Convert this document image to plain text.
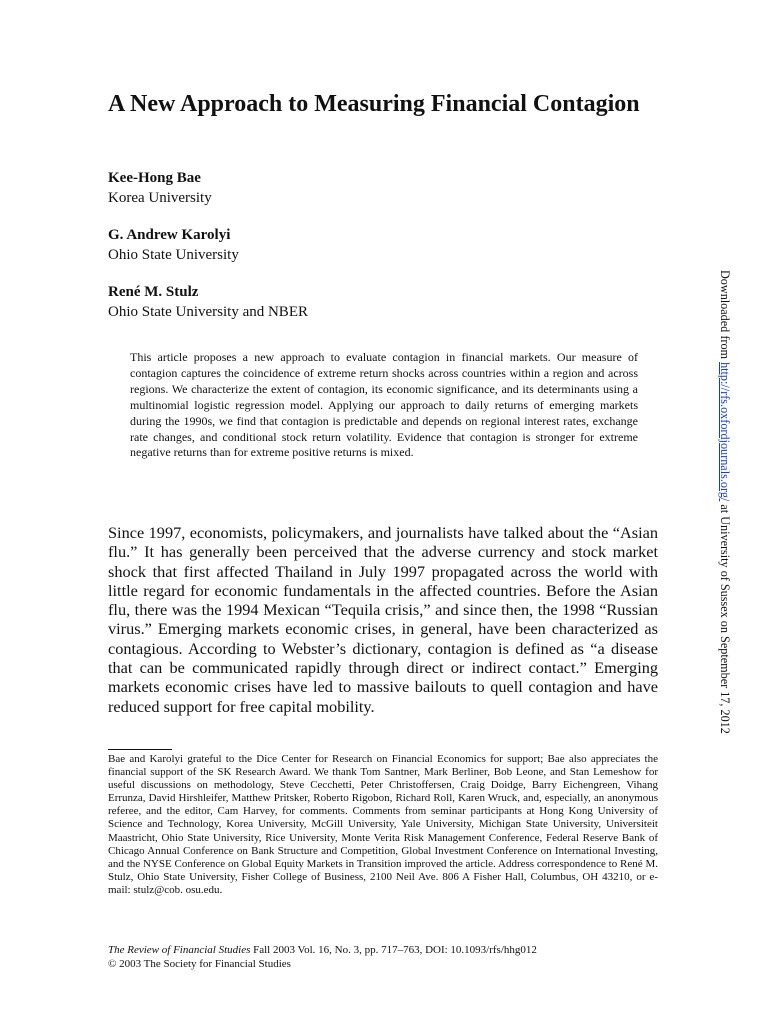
A New Approach to Measuring Financial Contagion
Kee-Hong Bae
Korea University
G. Andrew Karolyi
Ohio State University
René M. Stulz
Ohio State University and NBER

This article proposes a new approach to evaluate contagion in financial markets. Our measure of contagion captures the coincidence of extreme return shocks across countries within a region and across regions. We characterize the extent of contagion, its economic significance, and its determinants using a multinomial logistic regression model. Applying our approach to daily returns of emerging markets during the 1990s, we find that contagion is predictable and depends on regional interest rates, exchange rate changes, and conditional stock return volatility. Evidence that contagion is stronger for extreme negative returns than for extreme positive returns is mixed.

Since 1997, economists, policymakers, and journalists have talked about the “Asian flu.” It has generally been perceived that the adverse currency and stock market shock that first affected Thailand in July 1997 propagated across the world with little regard for economic fundamentals in the affected countries. Before the Asian flu, there was the 1994 Mexican “Tequila crisis,” and since then, the 1998 “Russian virus.” Emerging markets economic crises, in general, have been characterized as contagious. According to Webster’s dictionary, contagion is defined as “a disease that can be communicated rapidly through direct or indirect contact.” Emerging markets economic crises have led to massive bailouts to quell contagion and have reduced support for free capital mobility.

Bae and Karolyi grateful to the Dice Center for Research on Financial Economics for support; Bae also appreciates the financial support of the SK Research Award. We thank Tom Santner, Mark Berliner, Bob Leone, and Stan Lemeshow for useful discussions on methodology, Steve Cecchetti, Peter Christoffersen, Craig Doidge, Barry Eichengreen, Vihang Errunza, David Hirshleifer, Matthew Pritsker, Roberto Rigobon, Richard Roll, Karen Wruck, and, especially, an anonymous referee, and the editor, Cam Harvey, for comments. Comments from seminar participants at Hong Kong University of Science and Technology, Korea University, McGill University, Yale University, Michigan State University, Universiteit Maastricht, Ohio State University, Rice University, Monte Verita Risk Management Conference, Federal Reserve Bank of Chicago Annual Conference on Bank Structure and Competition, Global Investment Conference on International Investing, and the NYSE Conference on Global Equity Markets in Transition improved the article. Address correspondence to René M. Stulz, Ohio State University, Fisher College of Business, 2100 Neil Ave. 806 A Fisher Hall, Columbus, OH 43210, or e-mail: stulz@cob. osu.edu.

The Review of Financial Studies Fall 2003 Vol. 16, No. 3, pp. 717–763, DOI: 10.1093/rfs/hhg012
© 2003 The Society for Financial Studies
Downloaded from http://rfs.oxfordjournals.org/ at University of Sussex on September 17, 2012
